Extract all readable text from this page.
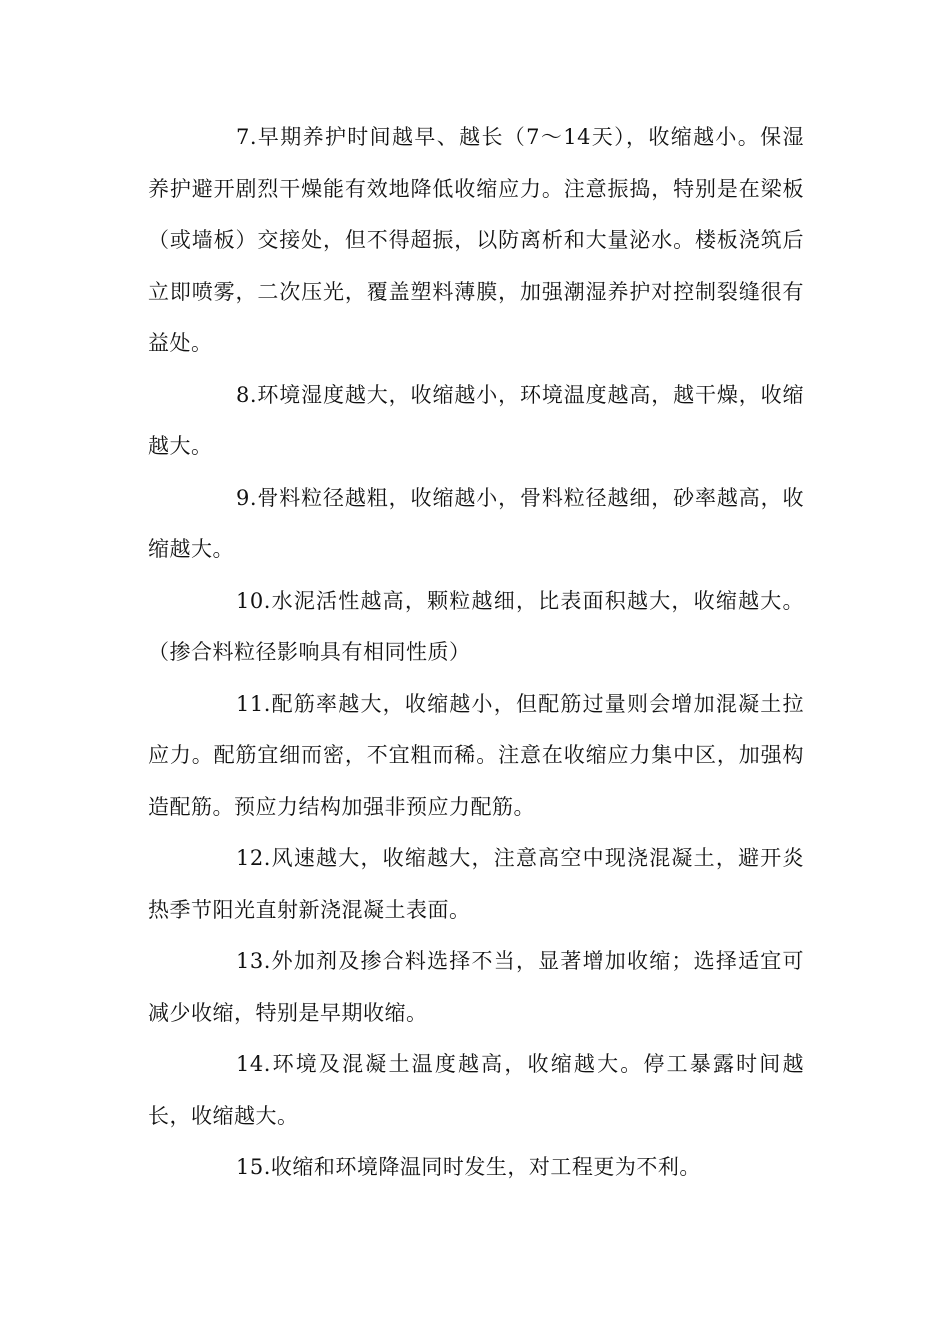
7.早期养护时间越早、越长（7～14天），收缩越小。保湿养护避开剧烈干燥能有效地降低收缩应力。注意振捣，特别是在梁板（或墙板）交接处，但不得超振，以防离析和大量泌水。楼板浇筑后立即喷雾，二次压光，覆盖塑料薄膜，加强潮湿养护对控制裂缝很有益处。

8.环境湿度越大，收缩越小，环境温度越高，越干燥，收缩越大。

9.骨料粒径越粗，收缩越小，骨料粒径越细，砂率越高，收缩越大。

10.水泥活性越高，颗粒越细，比表面积越大，收缩越大。（掺合料粒径影响具有相同性质）

11.配筋率越大，收缩越小，但配筋过量则会增加混凝土拉应力。配筋宜细而密，不宜粗而稀。注意在收缩应力集中区，加强构造配筋。预应力结构加强非预应力配筋。

12.风速越大，收缩越大，注意高空中现浇混凝土，避开炎热季节阳光直射新浇混凝土表面。

13.外加剂及掺合料选择不当，显著增加收缩；选择适宜可减少收缩，特别是早期收缩。

14.环境及混凝土温度越高，收缩越大。停工暴露时间越长，收缩越大。

15.收缩和环境降温同时发生，对工程更为不利。
